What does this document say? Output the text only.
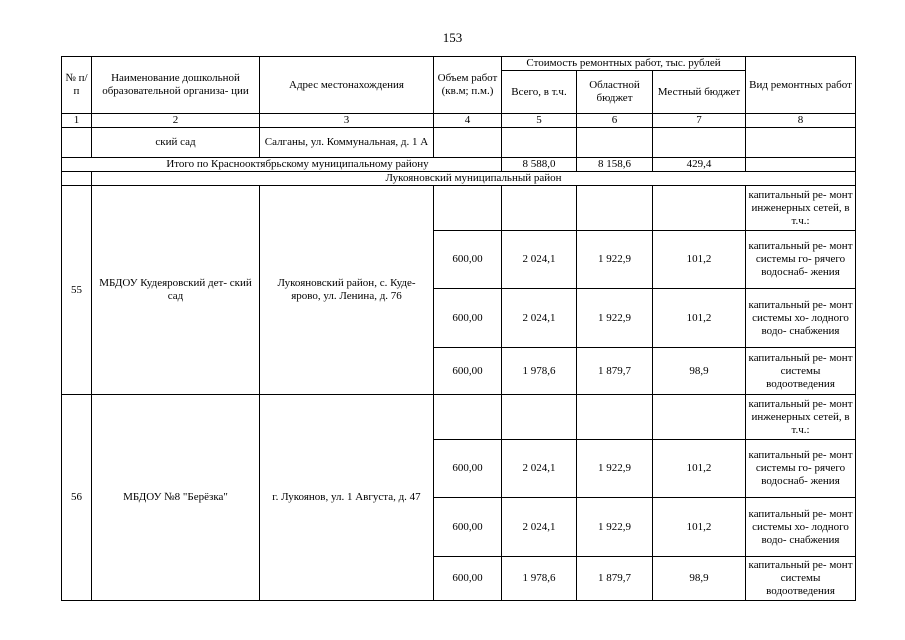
153
№ п/п	Наименование дошкольной образовательной организа- ции	Адрес местонахождения	Объем работ (кв.м; п.м.)	Стоимость ремонтных работ, тыс. рублей			Вид ремонтных работ
				Всего, в т.ч.	Областной бюджет	Местный бюджет	
1	2	3	4	5	6	7	8
	ский сад	Салганы, ул. Коммунальная, д. 1 А					
Итого по Краснооктябрьскому муниципальному району				8 588,0	8 158,6	429,4	
	Лукояновский муниципальный район						
55	МБДОУ Кудеяровский дет- ский сад	Лукояновский район, с. Куде- ярово, ул. Ленина, д. 76					капитальный ре- монт инженерных сетей, в т.ч.:
			600,00	2 024,1	1 922,9	101,2	капитальный ре- монт системы го- рячего водоснаб- жения
			600,00	2 024,1	1 922,9	101,2	капитальный ре- монт системы хо- лодного водо- снабжения
			600,00	1 978,6	1 879,7	98,9	капитальный ре- монт системы водоотведения
56	МБДОУ №8 "Берёзка"	г. Лукоянов, ул. 1 Августа, д. 47					капитальный ре- монт инженерных сетей, в т.ч.:
			600,00	2 024,1	1 922,9	101,2	капитальный ре- монт системы го- рячего водоснаб- жения
			600,00	2 024,1	1 922,9	101,2	капитальный ре- монт системы хо- лодного водо- снабжения
			600,00	1 978,6	1 879,7	98,9	капитальный ре- монт системы водоотведения
